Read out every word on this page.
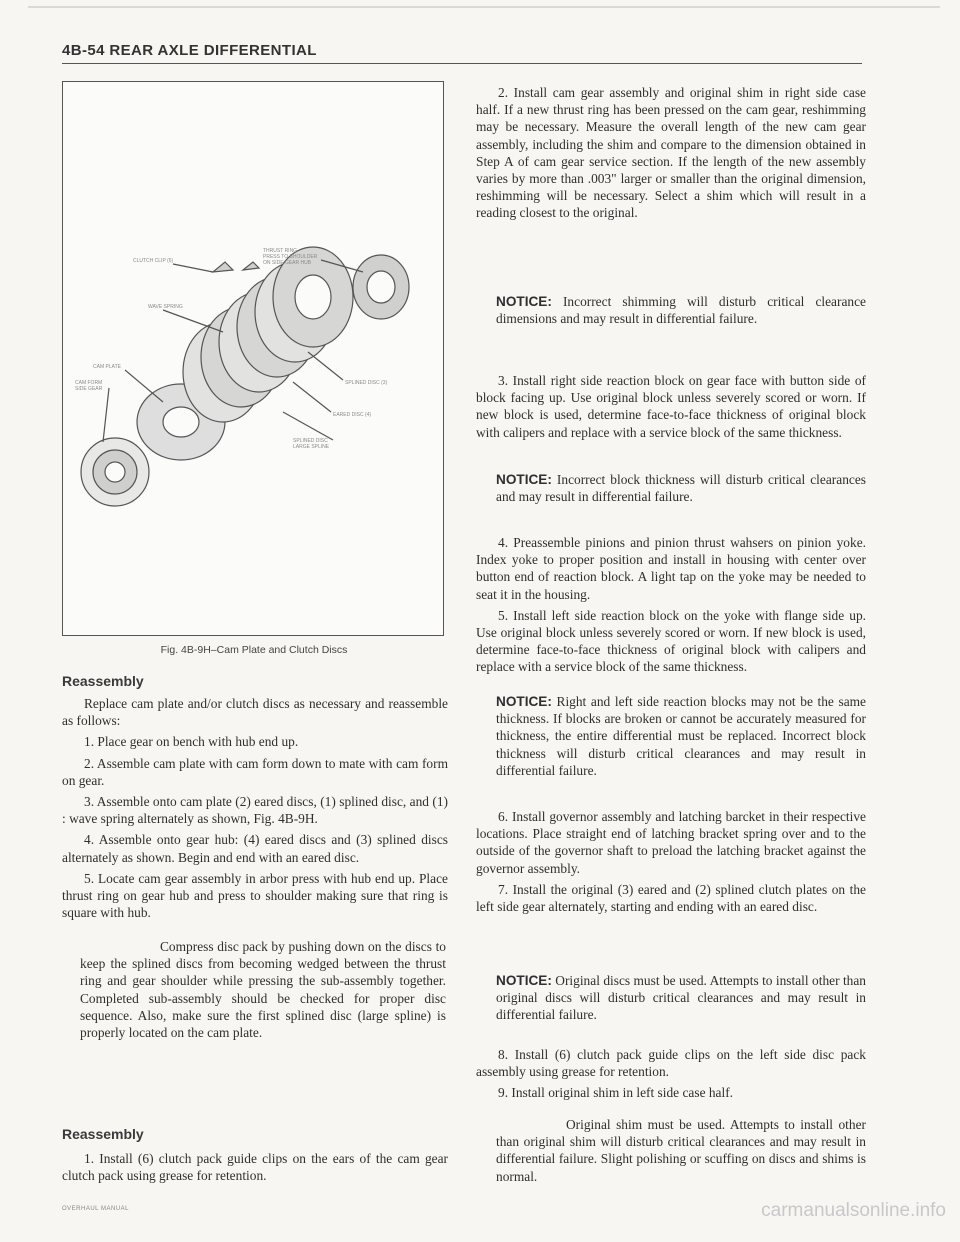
4B-54 REAR AXLE DIFFERENTIAL
CLUTCH CLIP (6)
WAVE SPRING
CAM PLATE
CAM FORM
SIDE GEAR
THRUST RING
PRESS TO SHOULDER
ON SIDE GEAR HUB
SPLINED DISC (3)
EARED DISC (4)
SPLINED DISC
LARGE SPLINE
Fig. 4B-9H–Cam Plate and Clutch Discs
Reassembly

Replace cam plate and/or clutch discs as necessary and reassemble as follows:

1. Place gear on bench with hub end up.

2. Assemble cam plate with cam form down to mate with cam form on gear.

3. Assemble onto cam plate (2) eared discs, (1) splined disc, and (1) : wave spring alternately as shown, Fig. 4B-9H.

4. Assemble onto gear hub: (4) eared discs and (3) splined discs alternately as shown. Begin and end with an eared disc.

5. Locate cam gear assembly in arbor press with hub end up. Place thrust ring on gear hub and press to shoulder making sure that ring is square with hub.

Compress disc pack by pushing down on the discs to keep the splined discs from becoming wedged between the thrust ring and gear shoulder while pressing the sub-assembly together. Completed sub-assembly should be checked for proper disc sequence. Also, make sure the first splined disc (large spline) is properly located on the cam plate.

Reassembly

1. Install (6) clutch pack guide clips on the ears of the cam gear clutch pack using grease for retention.

2. Install cam gear assembly and original shim in right side case half. If a new thrust ring has been pressed on the cam gear, reshimming may be necessary. Measure the overall length of the new cam gear assembly, including the shim and compare to the dimension obtained in Step A of cam gear service section. If the length of the new assembly varies by more than .003" larger or smaller than the original dimension, reshimming will be necessary. Select a shim which will result in a reading closest to the original.

NOTICE: Incorrect shimming will disturb critical clearance dimensions and may result in differential failure.

3. Install right side reaction block on gear face with button side of block facing up. Use original block unless severely scored or worn. If new block is used, determine face-to-face thickness of original block with calipers and replace with a service block of the same thickness.

NOTICE: Incorrect block thickness will disturb critical clearances and may result in differential failure.

4. Preassemble pinions and pinion thrust wahsers on pinion yoke. Index yoke to proper position and install in housing with center over button end of reaction block. A light tap on the yoke may be needed to seat it in the housing.

5. Install left side reaction block on the yoke with flange side up. Use original block unless severely scored or worn. If new block is used, determine face-to-face thickness of original block with calipers and replace with a service block of the same thickness.

NOTICE: Right and left side reaction blocks may not be the same thickness. If blocks are broken or cannot be accurately measured for thickness, the entire differential must be replaced. Incorrect block thickness will disturb critical clearances and may result in differential failure.

6. Install governor assembly and latching barcket in their respective locations. Place straight end of latching bracket spring over and to the outside of the governor shaft to preload the latching bracket against the governor assembly.

7. Install the original (3) eared and (2) splined clutch plates on the left side gear alternately, starting and ending with an eared disc.

NOTICE: Original discs must be used. Attempts to install other than original discs will disturb critical clearances and may result in differential failure.

8. Install (6) clutch pack guide clips on the left side disc pack assembly using grease for retention.

9. Install original shim in left side case half.

Original shim must be used. Attempts to install other than original shim will disturb critical clearances and may result in differential failure. Slight polishing or scuffing on discs and shims is normal.

OVERHAUL MANUAL	carmanualsonline.info
